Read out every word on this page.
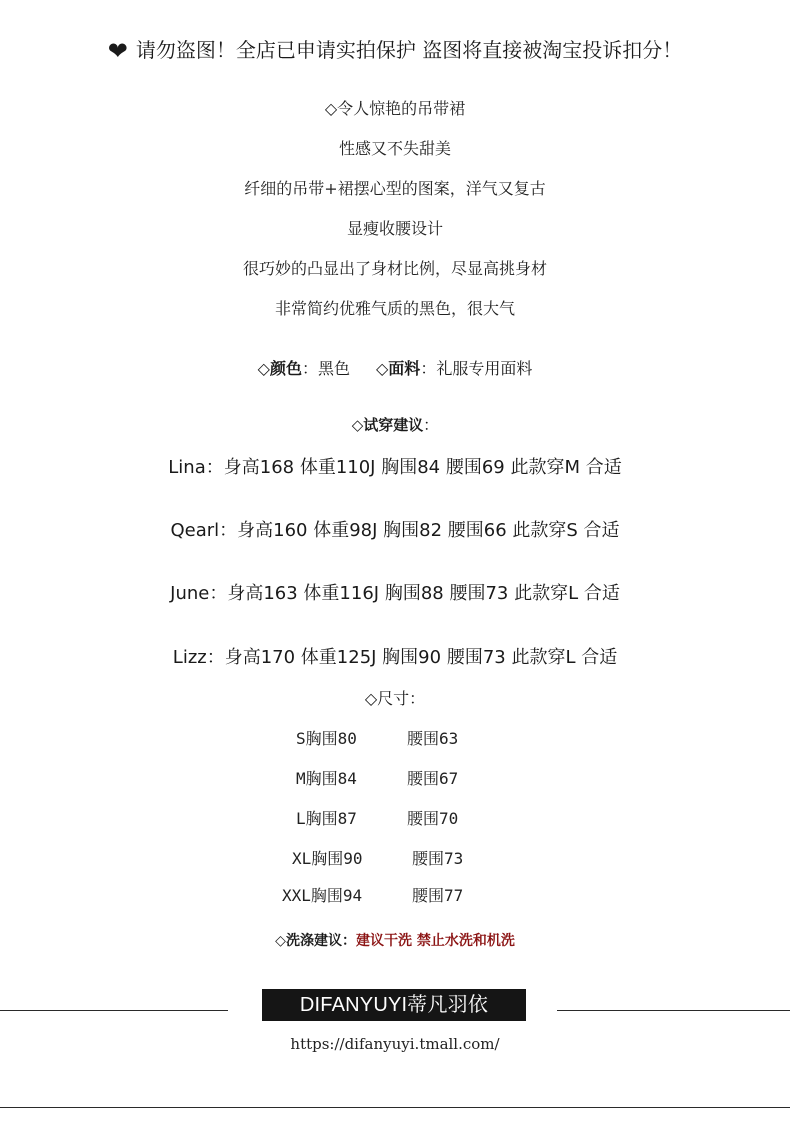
❤ 请勿盗图！全店已申请实拍保护 盗图将直接被淘宝投诉扣分！
◇令人惊艳的吊带裙
性感又不失甜美
纤细的吊带+裙摆心型的图案，洋气又复古
显瘦收腰设计
很巧妙的凸显出了身材比例，尽显高挑身材
非常简约优雅气质的黑色，很大气
◇颜色：黑色 ◇面料：礼服专用面料
◇试穿建议：
Lina：身高168 体重110J 胸围84 腰围69 此款穿M 合适
Qearl：身高160 体重98J 胸围82 腰围66 此款穿S 合适
June：身高163 体重116J 胸围88 腰围73 此款穿L 合适
Lizz：身高170 体重125J 胸围90 腰围73 此款穿L 合适
◇尺寸：
S胸围80	腰围63
M胸围84	腰围67
L胸围87	腰围70
XL胸围90	腰围73
XXL胸围94	腰围77
◇洗涤建议：建议干洗 禁止水洗和机洗
DIFANYUYI蒂凡羽依
https://difanyuyi.tmall.com/
